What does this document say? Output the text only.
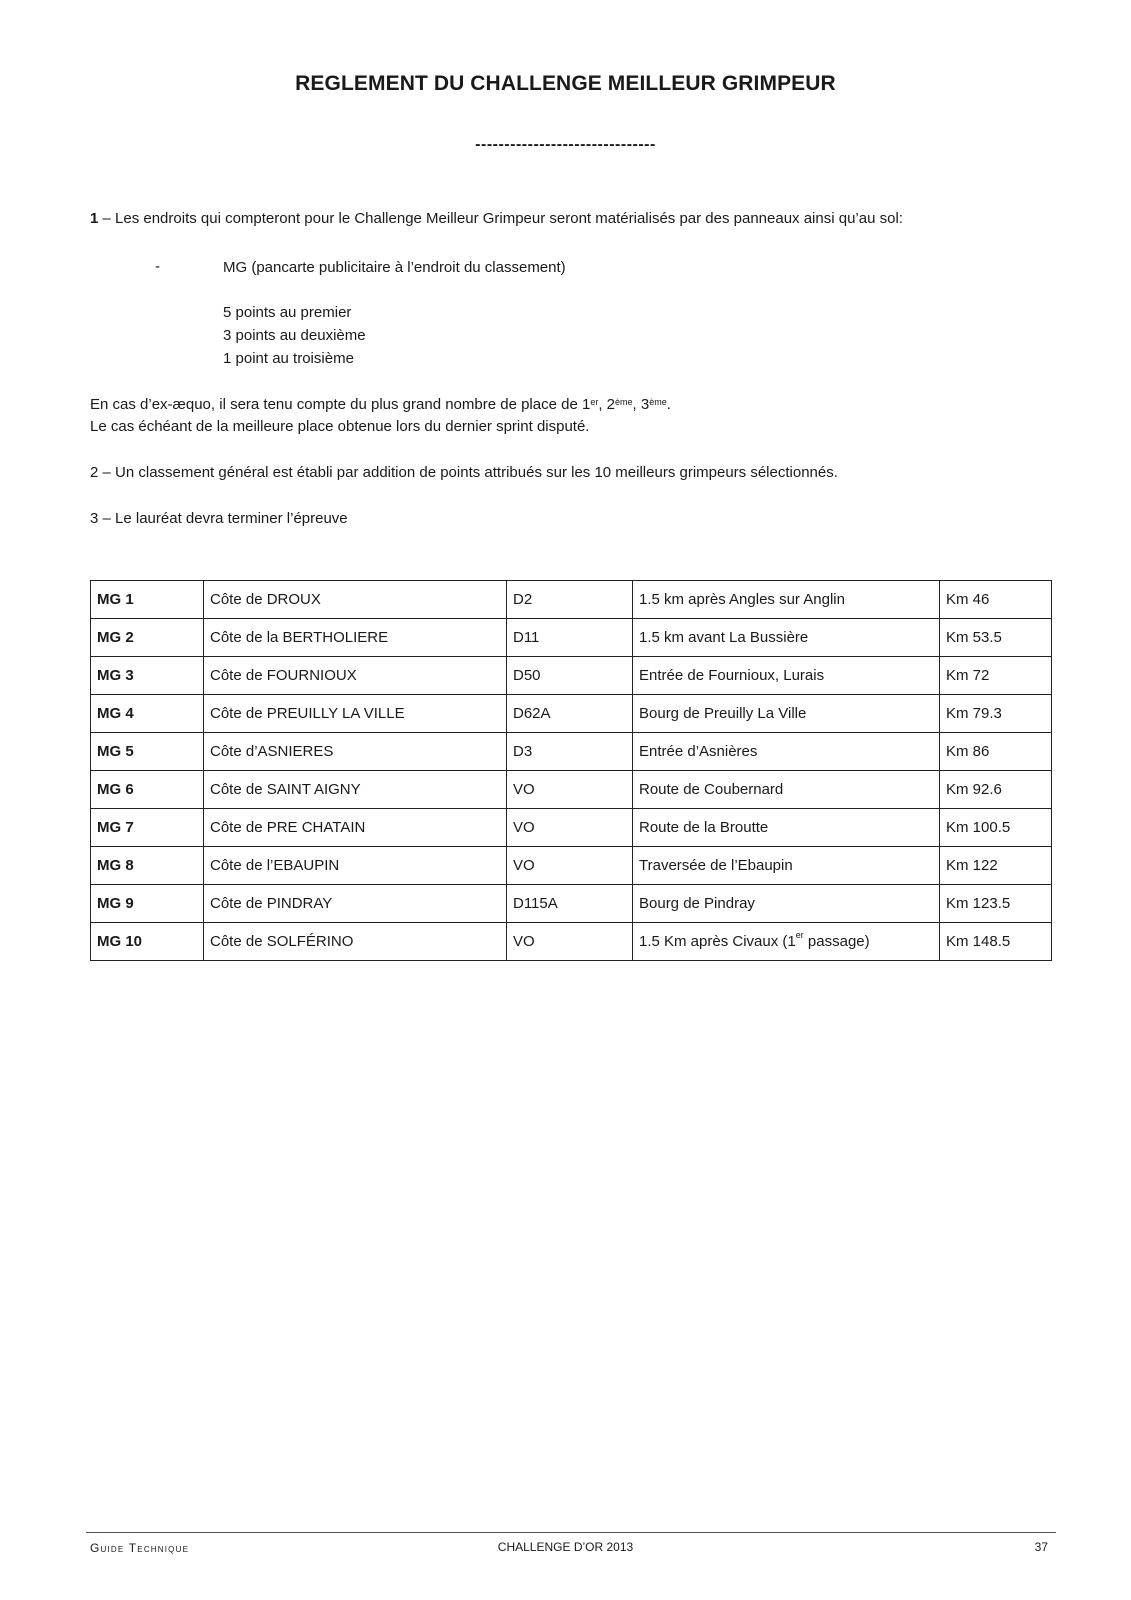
REGLEMENT DU CHALLENGE MEILLEUR GRIMPEUR
-------------------------------
1 – Les endroits qui compteront pour le Challenge Meilleur Grimpeur seront matérialisés par des panneaux ainsi qu’au sol:
-	MG (pancarte publicitaire à l’endroit du classement)
5 points au premier
3 points au deuxième
1 point au troisième
En cas d’ex-æquo, il sera tenu compte du plus grand nombre de place de 1er, 2ème, 3ème.
Le cas échéant de la meilleure place obtenue lors du dernier sprint disputé.
2 – Un classement général est établi par addition de points attribués sur les 10 meilleurs grimpeurs sélectionnés.
3 – Le lauréat devra terminer l’épreuve
MG 1	Côte de DROUX	D2	1.5 km après Angles sur Anglin	Km 46
MG 2	Côte de la BERTHOLIERE	D11	1.5 km avant La Bussière	Km 53.5
MG 3	Côte de FOURNIOUX	D50	Entrée de Fournioux, Lurais	Km 72
MG 4	Côte de PREUILLY LA VILLE	D62A	Bourg de Preuilly La Ville	Km 79.3
MG 5	Côte d’ASNIERES	D3	Entrée d’Asnières	Km 86
MG 6	Côte de SAINT AIGNY	VO	Route de Coubernard	Km 92.6
MG 7	Côte de PRE CHATAIN	VO	Route de la Broutte	Km 100.5
MG 8	Côte de l’EBAUPIN	VO	Traversée de l’Ebaupin	Km 122
MG 9	Côte de PINDRAY	D115A	Bourg de Pindray	Km 123.5
MG 10	Côte de SOLFÉRINO	VO	1.5 Km après Civaux (1er passage)	Km 148.5
Guide Technique	CHALLENGE D’OR 2013	37
